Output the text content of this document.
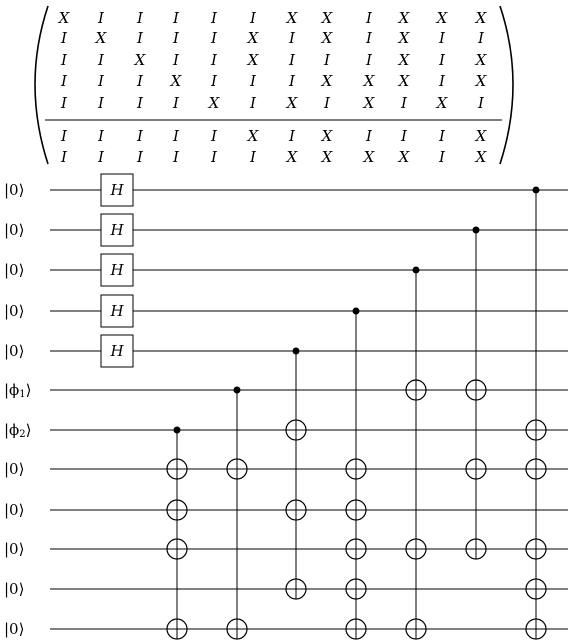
X I I I I I X X I X X X
I X I I I X I X I X I I
I I X I I X I I I X I X
I I I X I I I X X X I X
I I I I X I X I X I X I
I I I I I X I X I I I X
I I I I I I X X X X I X
|0⟩
|0⟩
|0⟩
|0⟩
|0⟩
$|\phi_1⟩$
$|\phi_2⟩$
|0⟩
|0⟩
|0⟩
|0⟩
|0⟩
H
H
H
H
H
